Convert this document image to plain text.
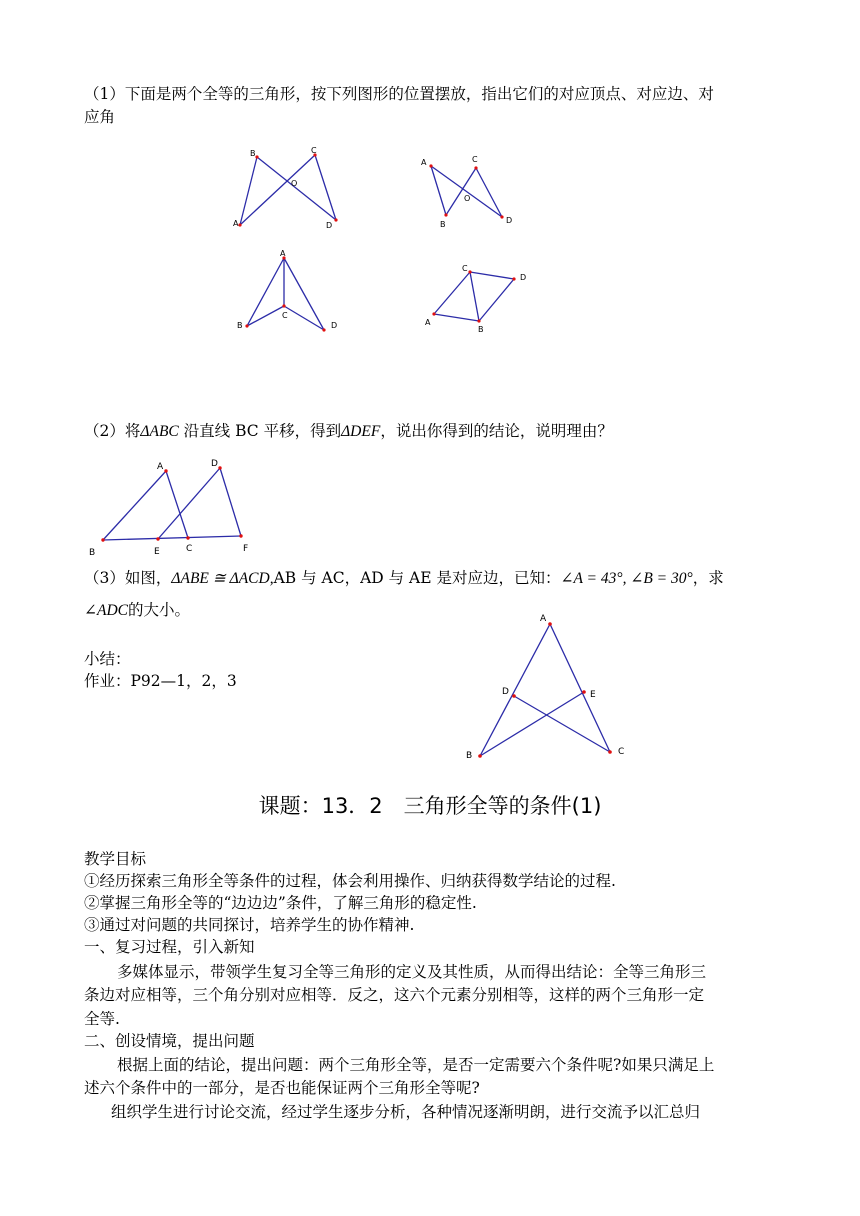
（1）下面是两个全等的三角形，按下列图形的位置摆放，指出它们的对应顶点、对应边、对
应角
B	C
O
A	D
A	C
O
B	D
A
C
B	D
C
D
A
B
（2）将ΔABC 沿直线 BC 平移，得到ΔDEF，说出你得到的结论，说明理由？
A	D
B	E	C	F
（3）如图，ΔABE ≅ ΔACD,AB 与 AC，AD 与 AE 是对应边，已知：∠A = 43°, ∠B = 30°，求
∠ADC的大小。
小结：
作业：P92—1，2，3
A
D	E
B	C
课题：13．2　三角形全等的条件(1)
教学目标
①经历探索三角形全等条件的过程，体会利用操作、归纳获得数学结论的过程.
②掌握三角形全等的“边边边”条件，了解三角形的稳定性.
③通过对问题的共同探讨，培养学生的协作精神.
一、复习过程，引入新知
多媒体显示，带领学生复习全等三角形的定义及其性质，从而得出结论：全等三角形三
条边对应相等，三个角分别对应相等．反之，这六个元素分别相等，这样的两个三角形一定
全等.
二、创设情境，提出问题
根据上面的结论，提出问题：两个三角形全等，是否一定需要六个条件呢?如果只满足上
述六个条件中的一部分，是否也能保证两个三角形全等呢?
组织学生进行讨论交流，经过学生逐步分析，各种情况逐渐明朗，进行交流予以汇总归
